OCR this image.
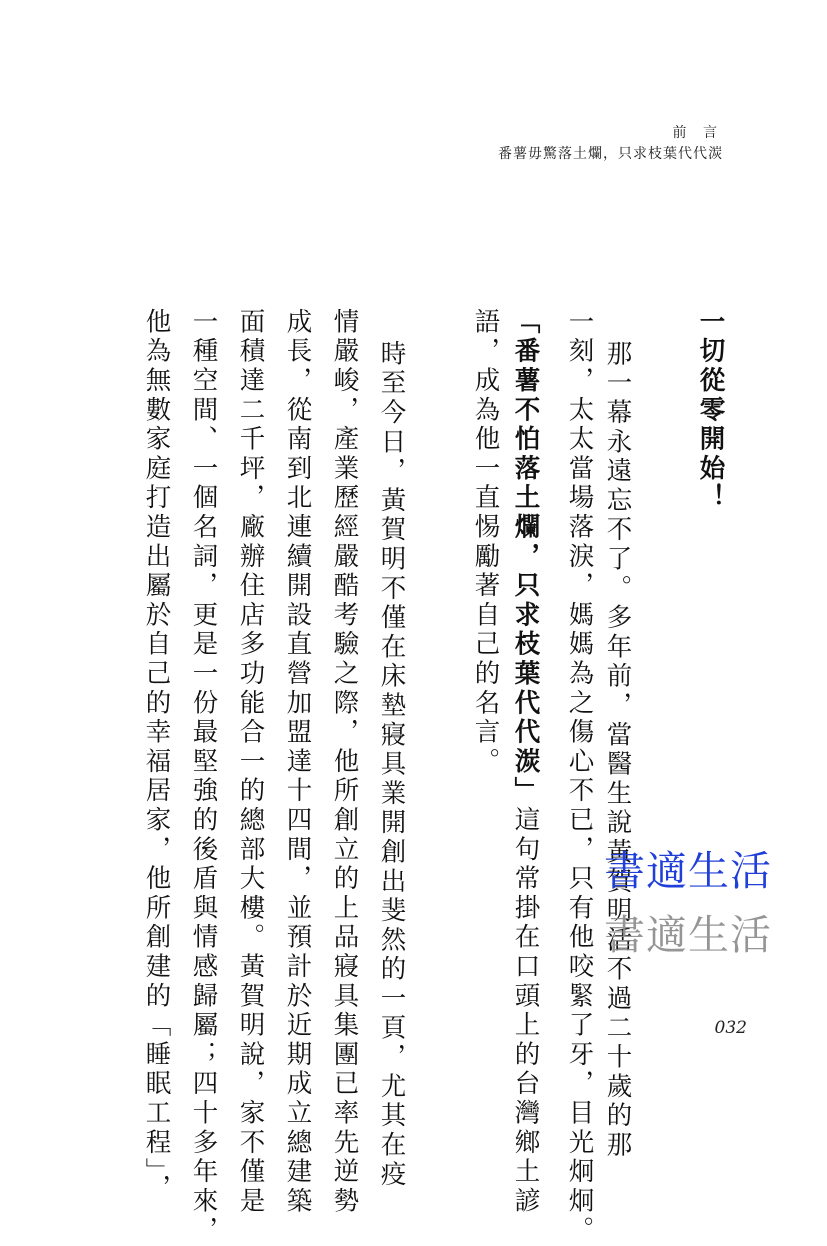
前 言
番薯毋驚落土爛，只求枝葉代代湠
一切從零開始！
那一幕永遠忘不了。多年前，當醫生說黃賀明活不過二十歲的那
一刻，太太當場落淚，媽媽為之傷心不已，只有他咬緊了牙，目光炯炯。
「番薯不怕落土爛，只求枝葉代代湠」這句常掛在口頭上的台灣鄉土諺
語，成為他一直惕勵著自己的名言。
時至今日，黃賀明不僅在床墊寢具業開創出斐然的一頁，尤其在疫
情嚴峻，產業歷經嚴酷考驗之際，他所創立的上品寢具集團已率先逆勢
成長，從南到北連續開設直營加盟達十四間，並預計於近期成立總建築
面積達二千坪，廠辦住店多功能合一的總部大樓。黃賀明說，家不僅是
一種空間、一個名詞，更是一份最堅強的後盾與情感歸屬；四十多年來，
他為無數家庭打造出屬於自己的幸福居家，他所創建的「睡眠工程」，	書適生活
書適生活
032
